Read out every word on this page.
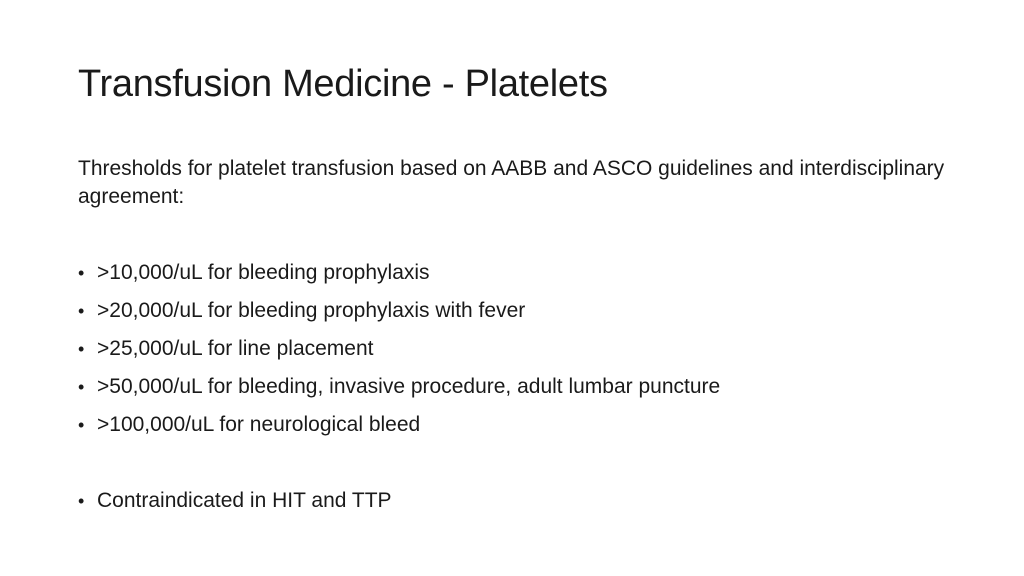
Transfusion Medicine - Platelets
Thresholds for platelet transfusion based on AABB and ASCO guidelines and interdisciplinary agreement:
• >10,000/uL for bleeding prophylaxis
• >20,000/uL for bleeding prophylaxis with fever
• >25,000/uL for line placement
• >50,000/uL for bleeding, invasive procedure, adult lumbar puncture
• >100,000/uL for neurological bleed
• Contraindicated in HIT and TTP
